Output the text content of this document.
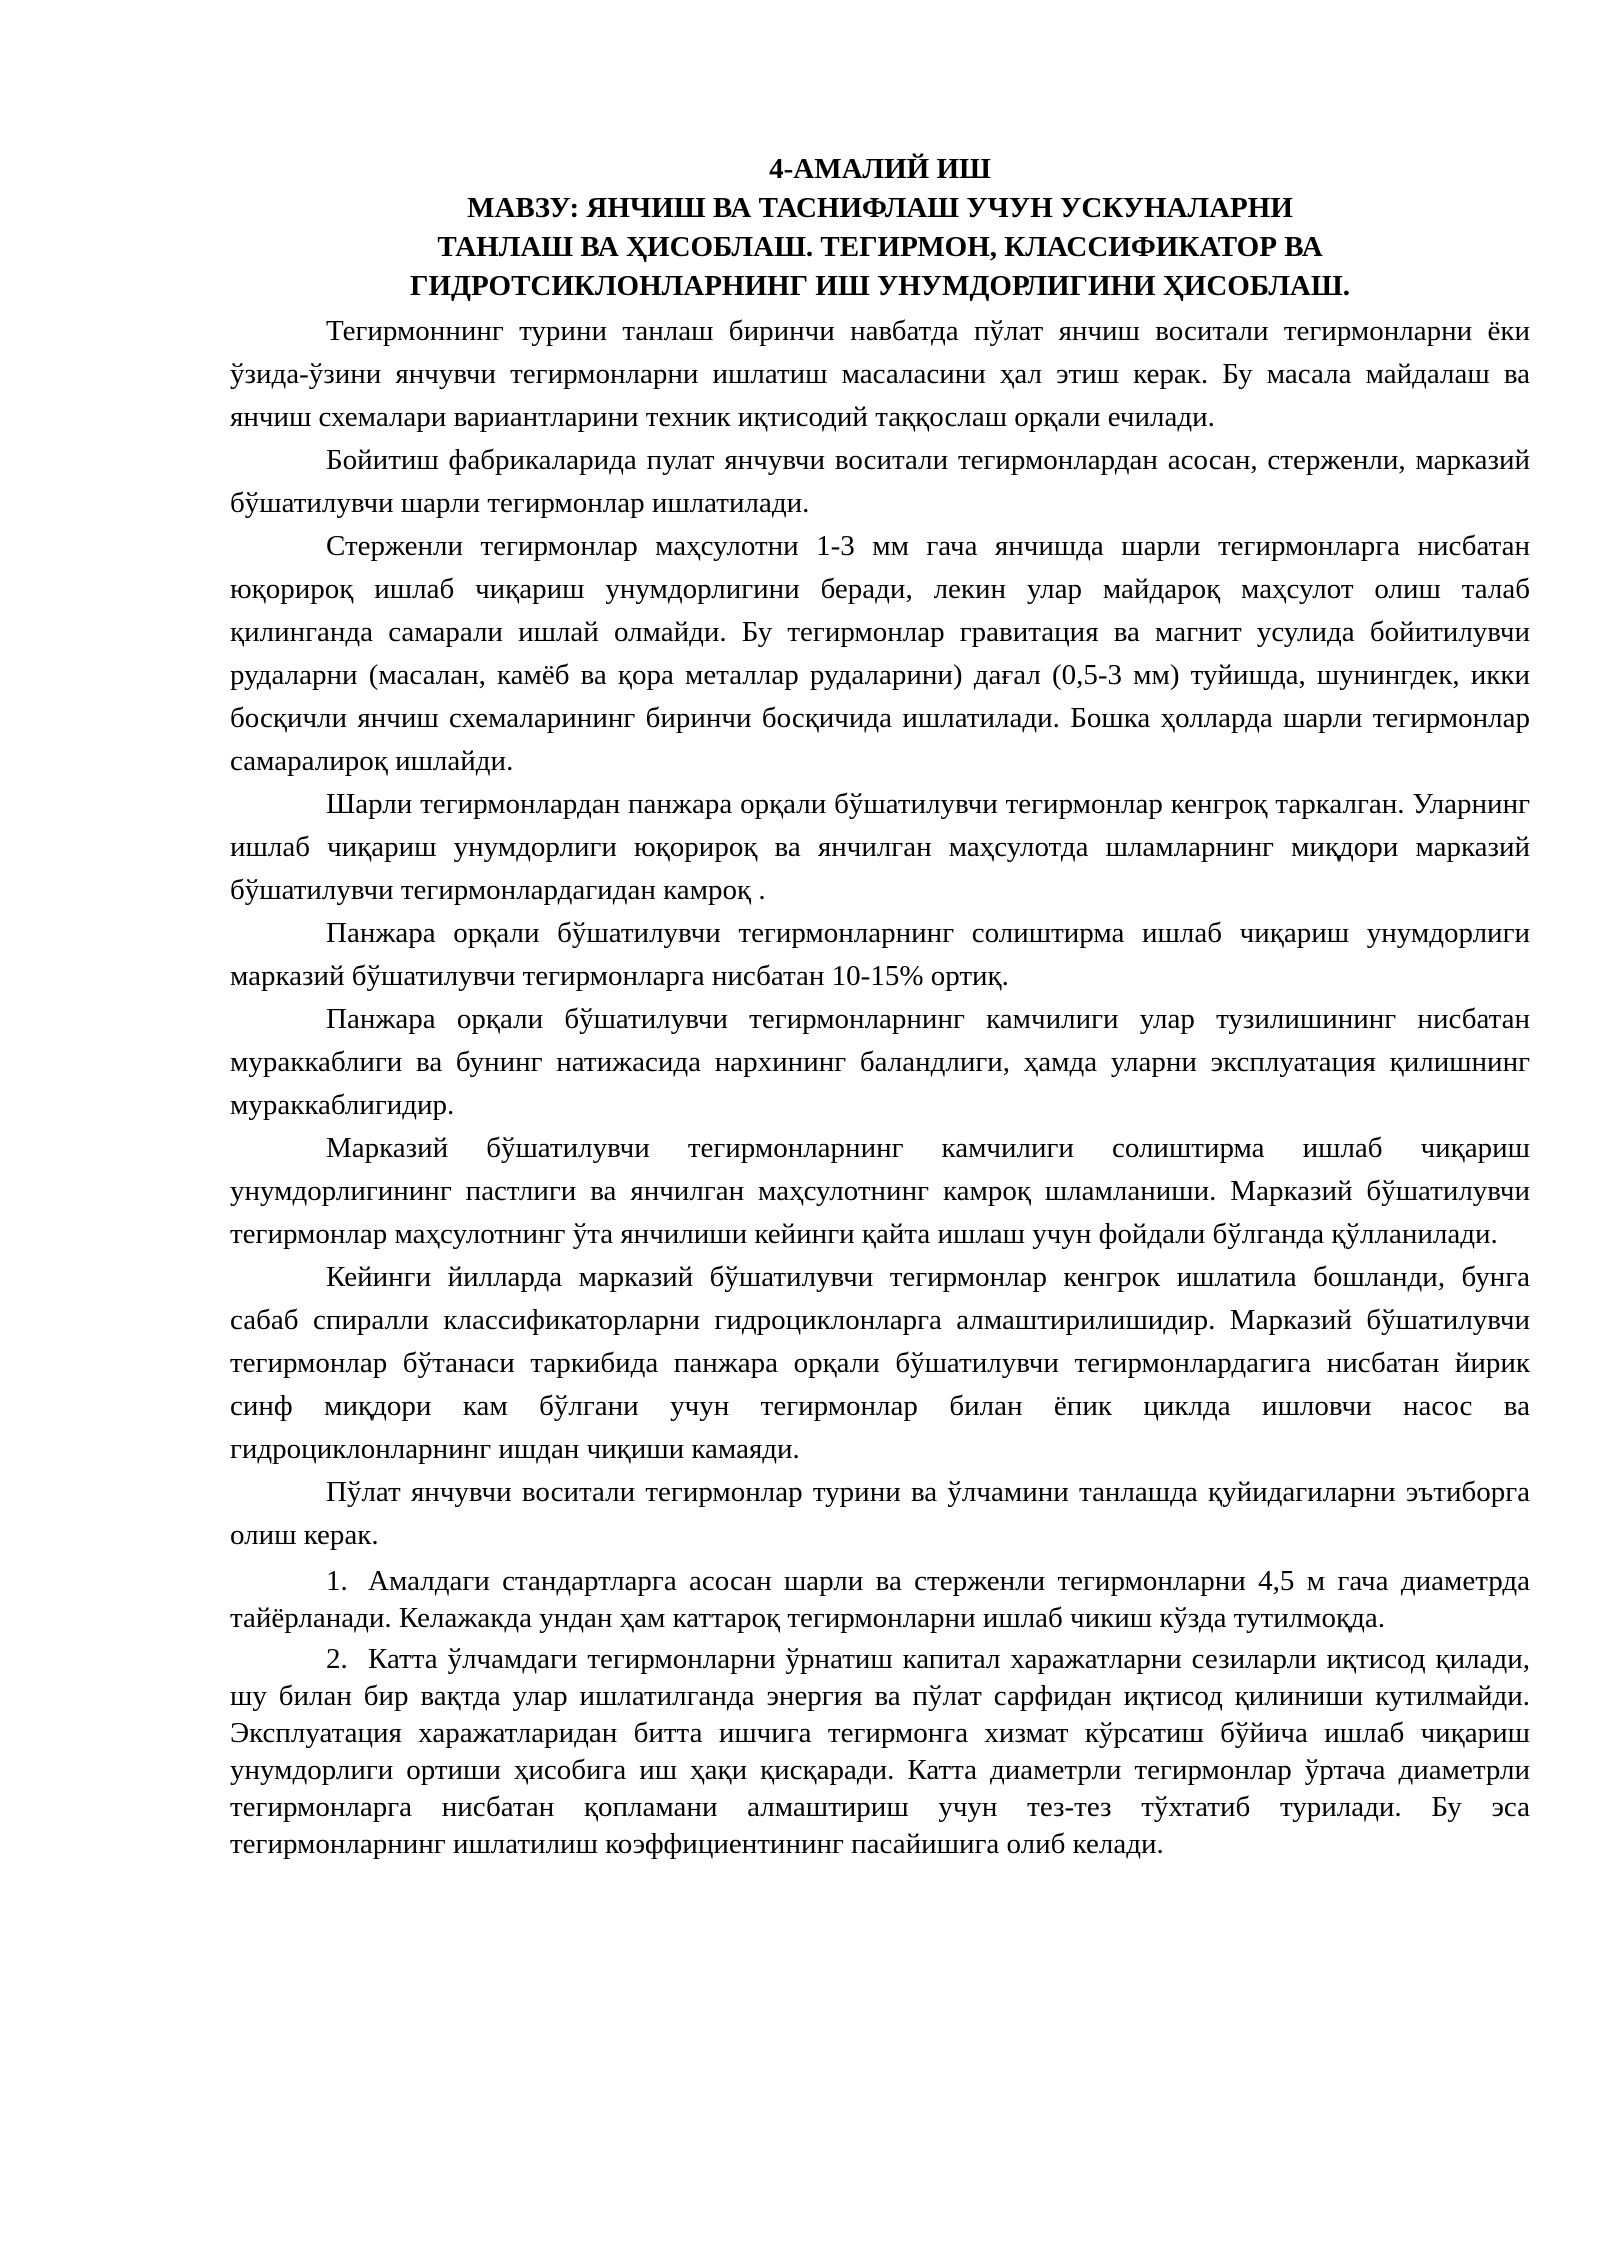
4-АМАЛИЙ ИШ
МАВЗУ: ЯНЧИШ ВА ТАСНИФЛАШ УЧУН УСКУНАЛАРНИ
ТАНЛАШ ВА ҲИСОБЛАШ. ТЕГИРМОН, КЛАССИФИКАТОР ВА
ГИДРОТСИКЛОНЛАРНИНГ ИШ УНУМДОРЛИГИНИ ҲИСОБЛАШ.

Тегирмоннинг турини танлаш биринчи навбатда пўлат янчиш воситали тегирмонларни ёки ўзида-ўзини янчувчи тегирмонларни ишлатиш масаласини ҳал этиш керак. Бу масала майдалаш ва янчиш схемалари вариантларини техник иқтисодий таққослаш орқали ечилади.

Бойитиш фабрикаларида пулат янчувчи воситали тегирмонлардан асосан, стерженли, марказий бўшатилувчи шарли тегирмонлар ишлатилади.

Стерженли тегирмонлар маҳсулотни 1-3 мм гача янчишда шарли тегирмонларга нисбатан юқорироқ ишлаб чиқариш унумдорлигини беради, лекин улар майдароқ маҳсулот олиш талаб қилинганда самарали ишлай олмайди. Бу тегирмонлар гравитация ва магнит усулида бойитилувчи рудаларни (масалан, камёб ва қора металлар рудаларини) дағал (0,5-3 мм) туйишда, шунингдек, икки босқичли янчиш схемаларининг биринчи босқичида ишлатилади. Бошка ҳолларда шарли тегирмонлар самаралироқ ишлайди.

Шарли тегирмонлардан панжара орқали бўшатилувчи тегирмонлар кенгроқ таркалган. Уларнинг ишлаб чиқариш унумдорлиги юқорироқ ва янчилган маҳсулотда шламларнинг миқдори марказий бўшатилувчи тегирмонлардагидан камроқ .

Панжара орқали бўшатилувчи тегирмонларнинг солиштирма ишлаб чиқариш унумдорлиги марказий бўшатилувчи тегирмонларга нисбатан 10-15% ортиқ.

Панжара орқали бўшатилувчи тегирмонларнинг камчилиги улар тузилишининг нисбатан мураккаблиги ва бунинг натижасида нархининг баландлиги, ҳамда уларни эксплуатация қилишнинг мураккаблигидир.

Марказий бўшатилувчи тегирмонларнинг камчилиги солиштирма ишлаб чиқариш унумдорлигининг пастлиги ва янчилган маҳсулотнинг камроқ шламланиши. Марказий бўшатилувчи тегирмонлар маҳсулотнинг ўта янчилиши кейинги қайта ишлаш учун фойдали бўлганда қўлланилади.

Кейинги йилларда марказий бўшатилувчи тегирмонлар кенгрок ишлатила бошланди, бунга сабаб спиралли классификаторларни гидроциклонларга алмаштирилишидир. Марказий бўшатилувчи тегирмонлар бўтанаси таркибида панжара орқали бўшатилувчи тегирмонлардагига нисбатан йирик синф миқдори кам бўлгани учун тегирмонлар билан ёпик циклда ишловчи насос ва гидроциклонларнинг ишдан чиқиши камаяди.

Пўлат янчувчи воситали тегирмонлар турини ва ўлчамини танлашда қуйидагиларни эътиборга олиш керак.

1. Амалдаги стандартларга асосан шарли ва стерженли тегирмонларни 4,5 м гача диаметрда тайёрланади. Келажакда ундан ҳам каттароқ тегирмонларни ишлаб чикиш кўзда тутилмоқда.

2. Катта ўлчамдаги тегирмонларни ўрнатиш капитал харажатларни сезиларли иқтисод қилади, шу билан бир вақтда улар ишлатилганда энергия ва пўлат сарфидан иқтисод қилиниши кутилмайди. Эксплуатация харажатларидан битта ишчига тегирмонга хизмат кўрсатиш бўйича ишлаб чиқариш унумдорлиги ортиши ҳисобига иш ҳақи қисқаради. Катта диаметрли тегирмонлар ўртача диаметрли тегирмонларга нисбатан қопламани алмаштириш учун тез-тез тўхтатиб турилади. Бу эса тегирмонларнинг ишлатилиш коэффициентининг пасайишига олиб келади.
